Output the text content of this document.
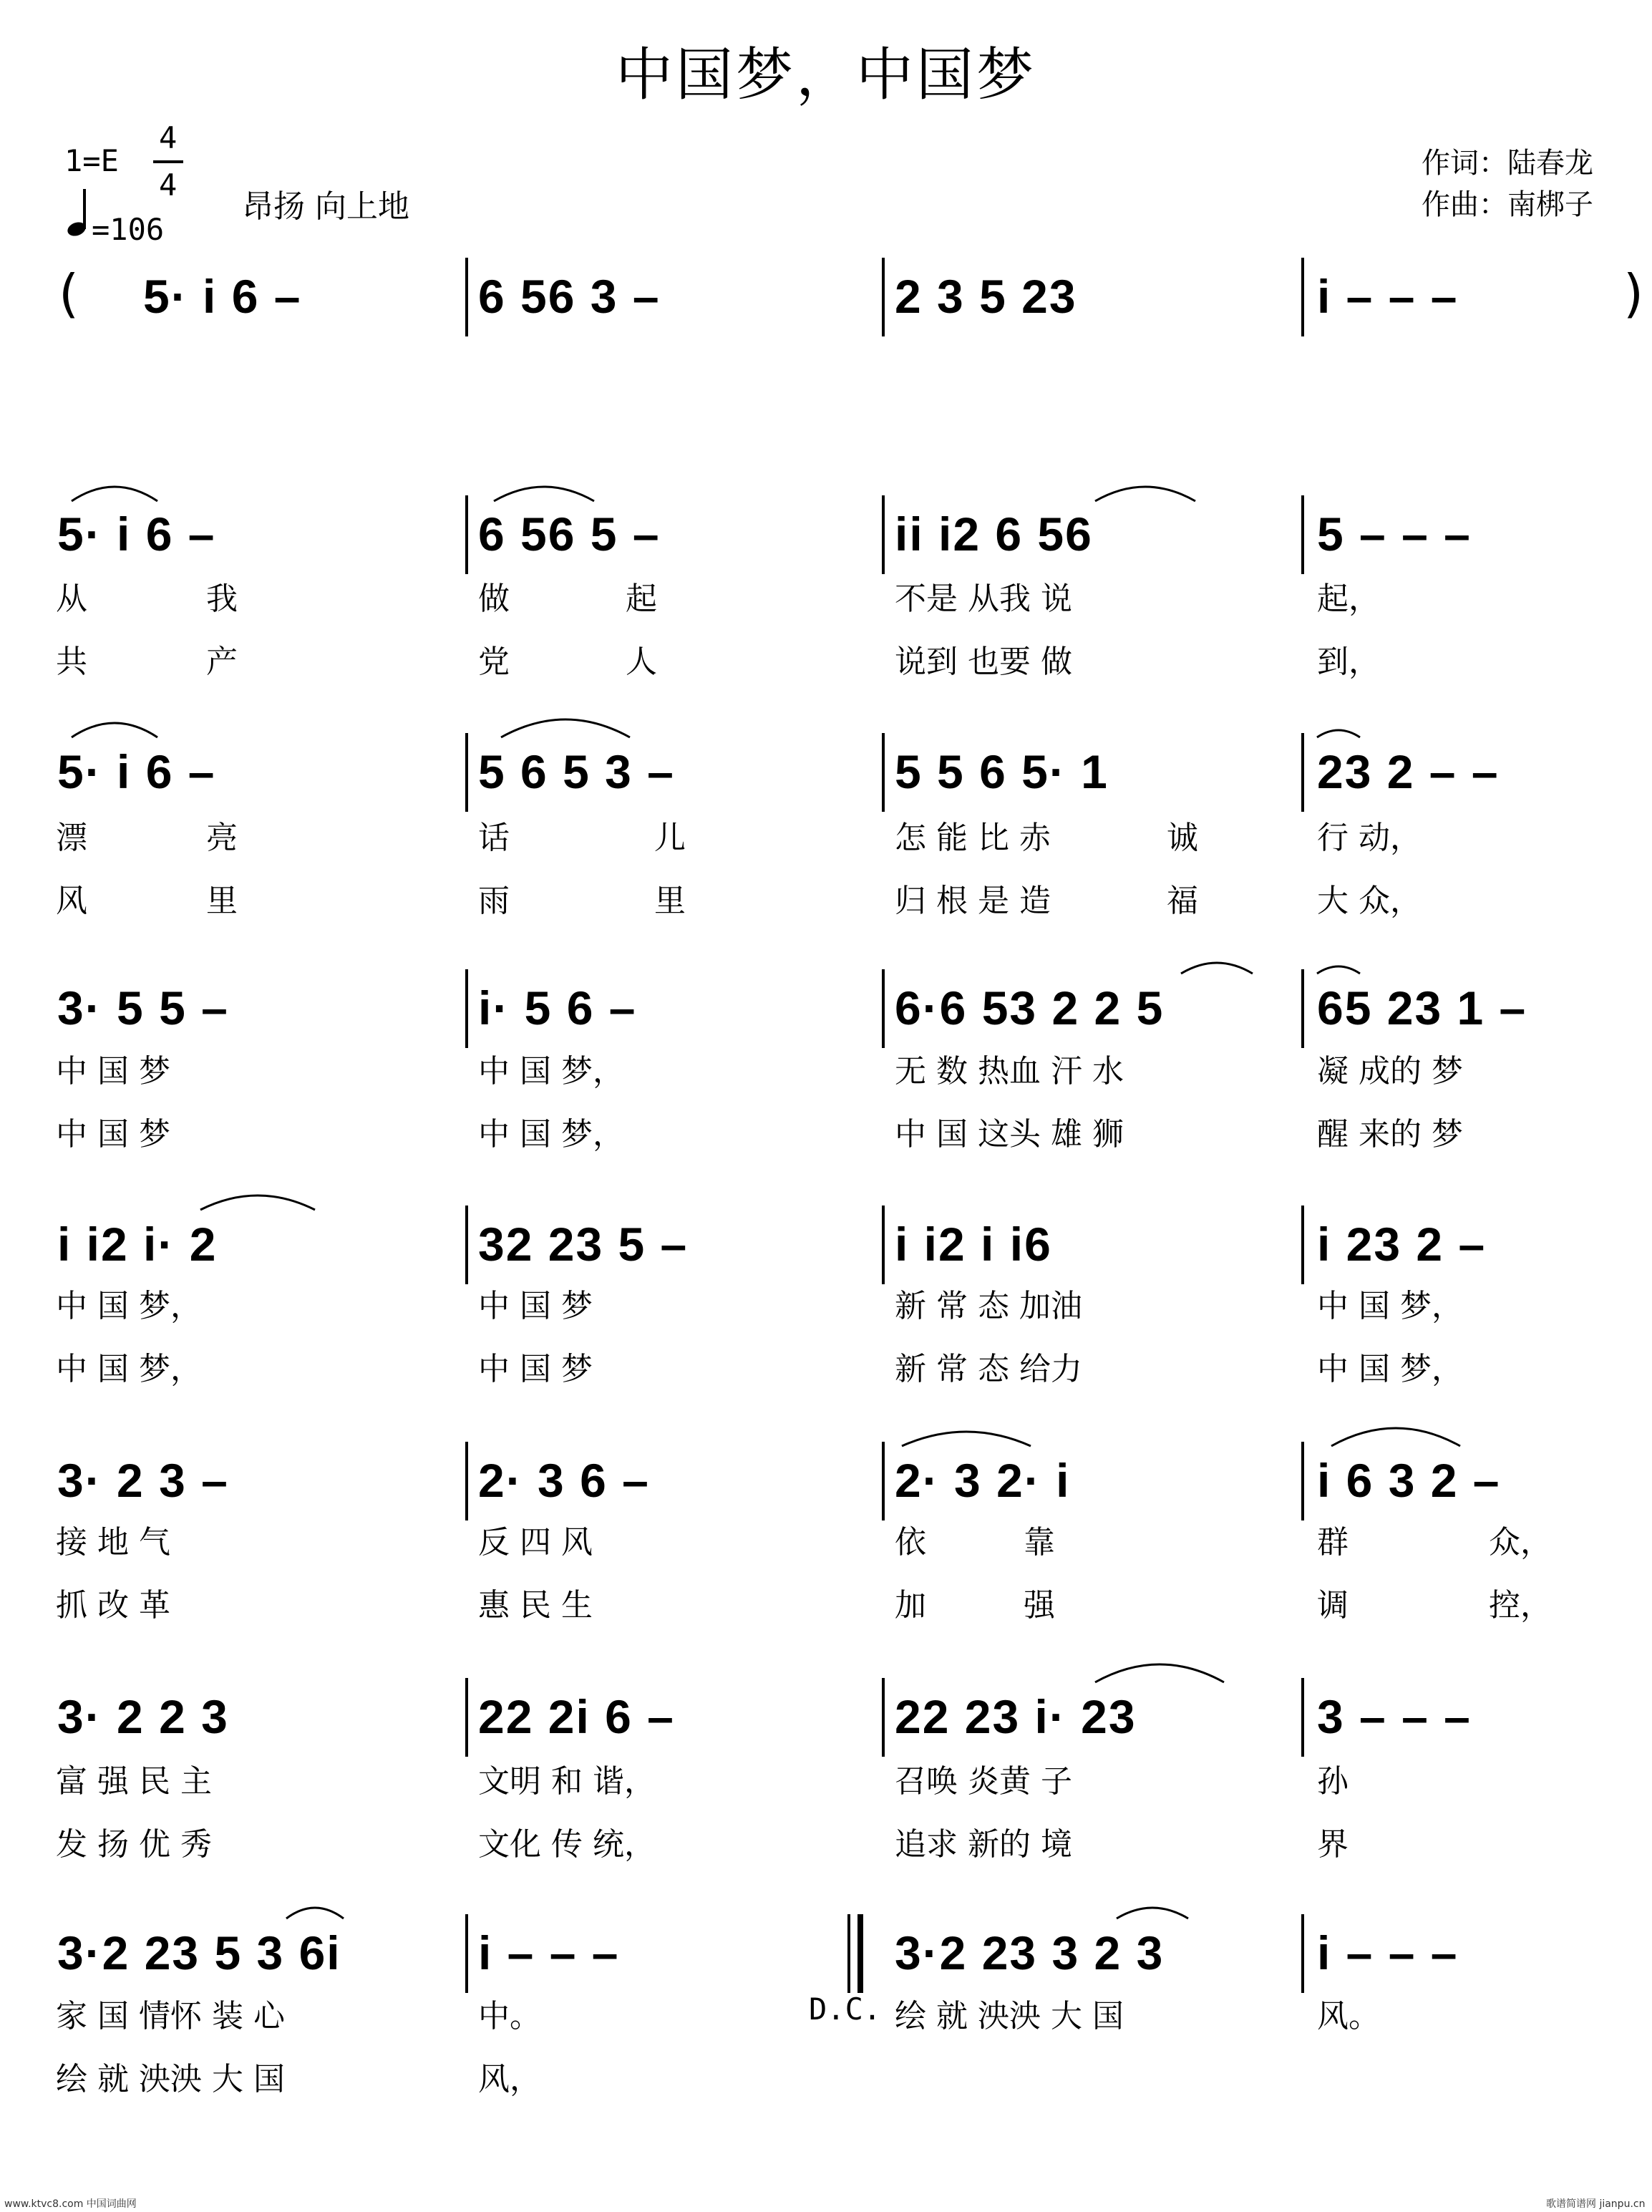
中国梦，中国梦
1=E
4
4
=106
昂扬 向上地
作词：陆春龙
作曲：南梆子
( 5· i 6 –	6 56 3 –	2 3 5 23	i – – –	)
5· i 6 –	6 56 5 –	ii i2 6 56	5 – – –
从	我	做	起	不是 从我 说	起，
共	产	党	人	说到 也要 做	到，
5· i 6 –	5 6 5 3 –	5 5 6 5· 1	23 2 – –
漂	亮	话	儿	怎 能 比 赤	诚	行 动，
风	里	雨	里	归 根 是 造	福	大 众，
3· 5 5 –	i· 5 6 –	6·6 53 2 2 5	65 23 1 –
中 国 梦	中 国 梦，	无 数 热血 汗 水	凝 成的 梦
中 国 梦	中 国 梦，	中 国 这头 雄 狮	醒 来的 梦
i i2 i· 2	32 23 5 –	i i2 i i6	i 23 2 –
中 国 梦，	中 国 梦	新 常 态 加油	中 国 梦，
中 国 梦，	中 国 梦	新 常 态 给力	中 国 梦，
3· 2 3 –	2· 3 6 –	2· 3 2· i	i 6 3 2 –
接 地 气	反 四 风	依	靠	群	众，
抓 改 革	惠 民 生	加	强	调	控，
3· 2 2 3	22 2i 6 –	22 23 i· 23	3 – – –
富 强 民 主	文明 和 谐，	召唤 炎黄 子	孙
发 扬 优 秀	文化 传 统，	追求 新的 境	界
3·2 23 5 3 6i	i – – –	3·2 23 3 2 3	i – – –
家 国 情怀 装 心	中。	D.C. 绘 就 泱泱 大 国	风。
绘 就 泱泱 大 国	风，
www.ktvc8.com 中国词曲网	歌谱简谱网 jianpu.cn
